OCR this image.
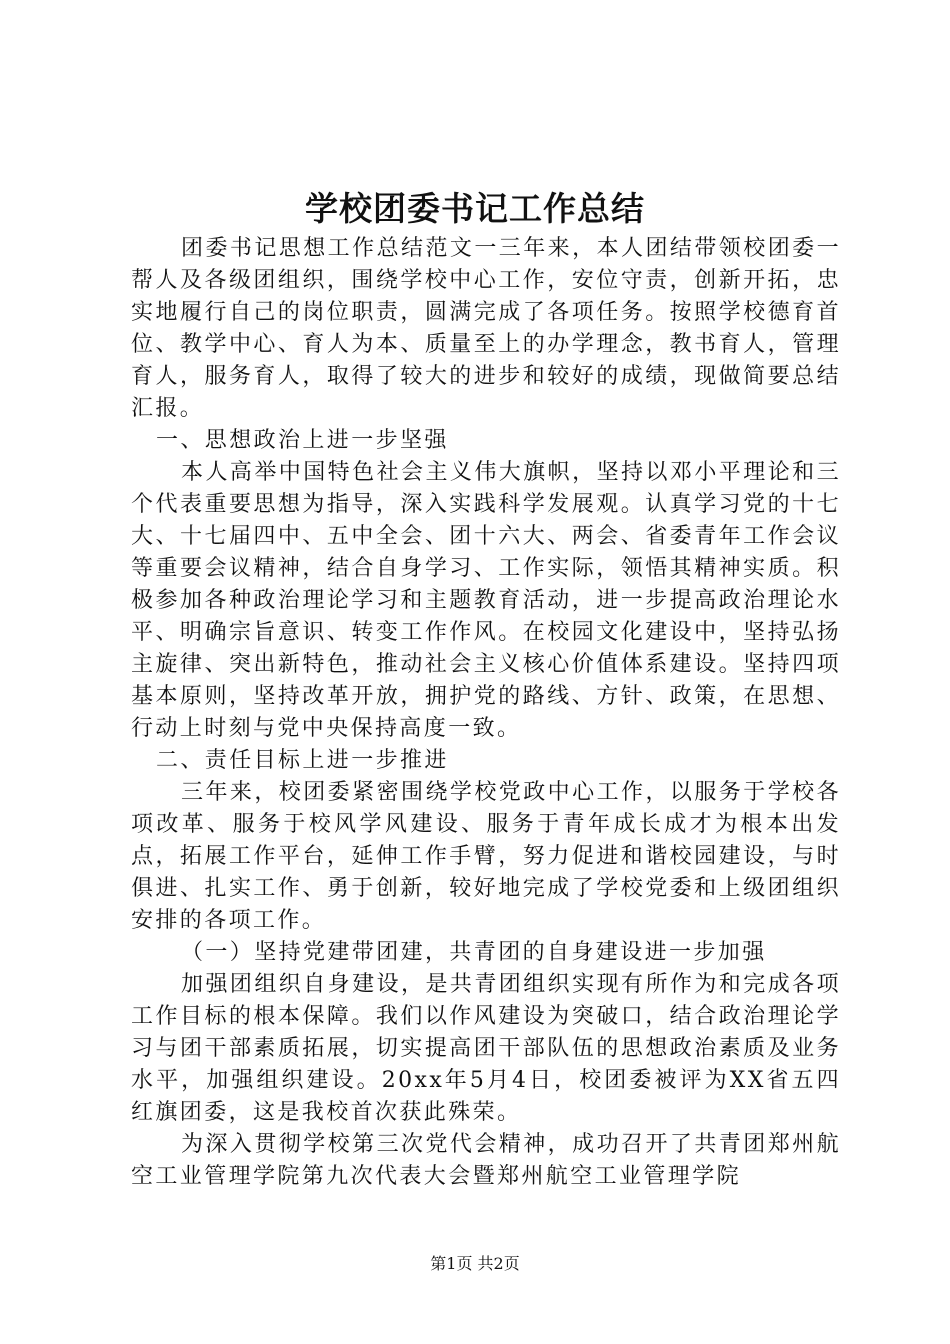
学校团委书记工作总结

团委书记思想工作总结范文一三年来，本人团结带领校团委一帮人及各级团组织，围绕学校中心工作，安位守责，创新开拓，忠实地履行自己的岗位职责，圆满完成了各项任务。按照学校德育首位、教学中心、育人为本、质量至上的办学理念，教书育人，管理育人，服务育人，取得了较大的进步和较好的成绩，现做简要总结汇报。

一、思想政治上进一步坚强

本人高举中国特色社会主义伟大旗帜，坚持以邓小平理论和三个代表重要思想为指导，深入实践科学发展观。认真学习党的十七大、十七届四中、五中全会、团十六大、两会、省委青年工作会议等重要会议精神，结合自身学习、工作实际，领悟其精神实质。积极参加各种政治理论学习和主题教育活动，进一步提高政治理论水平、明确宗旨意识、转变工作作风。在校园文化建设中，坚持弘扬主旋律、突出新特色，推动社会主义核心价值体系建设。坚持四项基本原则，坚持改革开放，拥护党的路线、方针、政策，在思想、行动上时刻与党中央保持高度一致。

二、责任目标上进一步推进

三年来，校团委紧密围绕学校党政中心工作，以服务于学校各项改革、服务于校风学风建设、服务于青年成长成才为根本出发点，拓展工作平台，延伸工作手臂，努力促进和谐校园建设，与时俱进、扎实工作、勇于创新，较好地完成了学校党委和上级团组织安排的各项工作。

（一）坚持党建带团建，共青团的自身建设进一步加强

加强团组织自身建设，是共青团组织实现有所作为和完成各项工作目标的根本保障。我们以作风建设为突破口，结合政治理论学习与团干部素质拓展，切实提高团干部队伍的思想政治素质及业务水平，加强组织建设。20xx年5月4日，校团委被评为XX省五四红旗团委，这是我校首次获此殊荣。

为深入贯彻学校第三次党代会精神，成功召开了共青团郑州航空工业管理学院第九次代表大会暨郑州航空工业管理学院

第1页 共2页
